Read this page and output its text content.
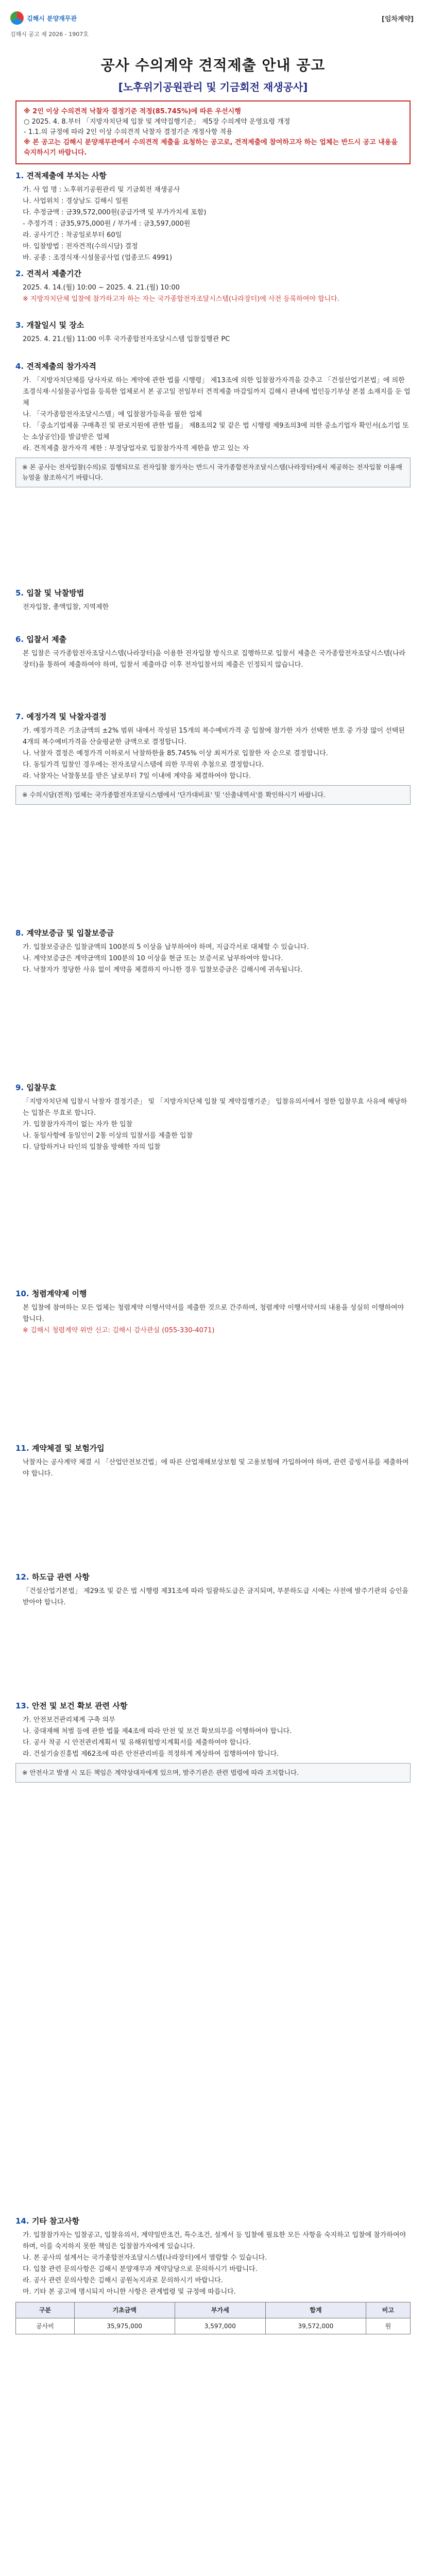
김해시 분양재무관
김해시 공고 제 2026 - 1907호
[임차계약]
공사 수의계약 견적제출 안내 공고
[노후위기공원관리 및 기금회전 재생공사]
※ 2인 이상 수의견적 낙찰자 결정기준 적정(85.745%)에 따른 우선시행
○ 2025. 4. 8.부터 「지방자치단체 입찰 및 계약집행기준」 제5장 수의계약 운영요령 개정
- 1.1.의 규정에 따라 2인 이상 수의견적 낙찰자 결정기준 개정사항 적용
※ 본 공고는 김해시 분양재무관에서 수의견적 제출을 요청하는 공고로, 견적제출에 참여하고자 하는 업체는 반드시 공고 내용을 숙지하시기 바랍니다.
1. 견적제출에 부치는 사항
가. 사 업 명 : 노후위기공원관리 및 기금회전 재생공사
나. 사업위치 : 경상남도 김해시 일원
다. 추정금액 : 금39,572,000원(공급가액 및 부가가치세 포함)
- 추정가격 : 금35,975,000원 / 부가세 : 금3,597,000원
라. 공사기간 : 착공일로부터 60일
마. 입찰방법 : 전자견적(수의시담) 결정
바. 공종 : 조경식재·시설물공사업 (업종코드 4991)
2. 견적서 제출기간
2025. 4. 14.(월) 10:00 ~ 2025. 4. 21.(월) 10:00
※ 지방자치단체 입찰에 참가하고자 하는 자는 국가종합전자조달시스템(나라장터)에 사전 등록하여야 합니다.
3. 개찰일시 및 장소
2025. 4. 21.(월) 11:00 이후 국가종합전자조달시스템 입찰집행관 PC
4. 견적제출의 참가자격
가. 「지방자치단체를 당사자로 하는 계약에 관한 법률 시행령」 제13조에 의한 입찰참가자격을 갖추고 「건설산업기본법」에 의한 조경식재·시설물공사업을 등록한 업체로서 본 공고일 전일부터 견적제출 마감일까지 김해시 관내에 법인등기부상 본점 소재지를 둔 업체
나. 「국가종합전자조달시스템」에 입찰참가등록을 필한 업체
다. 「중소기업제품 구매촉진 및 판로지원에 관한 법률」 제8조의2 및 같은 법 시행령 제9조의3에 의한 중소기업자 확인서(소기업 또는 소상공인)를 발급받은 업체
라. 견적제출 참가자격 제한 : 부정당업자로 입찰참가자격 제한을 받고 있는 자
※ 본 공사는 전자입찰(수의)로 집행되므로 전자입찰 참가자는 반드시 국가종합전자조달시스템(나라장터)에서 제공하는 전자입찰 이용매뉴얼을 참조하시기 바랍니다.
5. 입찰 및 낙찰방법
전자입찰, 총액입찰, 지역제한
6. 입찰서 제출
본 입찰은 국가종합전자조달시스템(나라장터)을 이용한 전자입찰 방식으로 집행하므로 입찰서 제출은 국가종합전자조달시스템(나라장터)을 통하여 제출하여야 하며, 입찰서 제출마감 이후 전자입찰서의 제출은 인정되지 않습니다.
7. 예정가격 및 낙찰자결정
가. 예정가격은 기초금액의 ±2% 범위 내에서 작성된 15개의 복수예비가격 중 입찰에 참가한 자가 선택한 번호 중 가장 많이 선택된 4개의 복수예비가격을 산술평균한 금액으로 결정합니다.
나. 낙찰자 결정은 예정가격 이하로서 낙찰하한율 85.745% 이상 최저가로 입찰한 자 순으로 결정합니다.
다. 동일가격 입찰인 경우에는 전자조달시스템에 의한 무작위 추첨으로 결정합니다.
라. 낙찰자는 낙찰통보를 받은 날로부터 7일 이내에 계약을 체결하여야 합니다.
※ 수의시담(견적) 업체는 국가종합전자조달시스템에서 '단가대비표' 및 '산출내역서'를 확인하시기 바랍니다.
8. 계약보증금 및 입찰보증금
가. 입찰보증금은 입찰금액의 100분의 5 이상을 납부하여야 하며, 지급각서로 대체할 수 있습니다.
나. 계약보증금은 계약금액의 100분의 10 이상을 현금 또는 보증서로 납부하여야 합니다.
다. 낙찰자가 정당한 사유 없이 계약을 체결하지 아니한 경우 입찰보증금은 김해시에 귀속됩니다.
9. 입찰무효
「지방자치단체 입찰시 낙찰자 결정기준」 및 「지방자치단체 입찰 및 계약집행기준」 입찰유의서에서 정한 입찰무효 사유에 해당하는 입찰은 무효로 합니다.
가. 입찰참가자격이 없는 자가 한 입찰
나. 동일사항에 동일인이 2통 이상의 입찰서를 제출한 입찰
다. 담합하거나 타인의 입찰을 방해한 자의 입찰
10. 청렴계약제 이행
본 입찰에 참여하는 모든 업체는 청렴계약 이행서약서를 제출한 것으로 간주하며, 청렴계약 이행서약서의 내용을 성실히 이행하여야 합니다.
※ 김해시 청렴계약 위반 신고: 김해시 감사관실 (055-330-4071)
11. 계약체결 및 보험가입
낙찰자는 공사계약 체결 시 「산업안전보건법」에 따른 산업재해보상보험 및 고용보험에 가입하여야 하며, 관련 증빙서류를 제출하여야 합니다.
12. 하도급 관련 사항
「건설산업기본법」 제29조 및 같은 법 시행령 제31조에 따라 일괄하도급은 금지되며, 부분하도급 시에는 사전에 발주기관의 승인을 받아야 합니다.
13. 안전 및 보건 확보 관련 사항
가. 안전보건관리체계 구축 의무
나. 중대재해 처벌 등에 관한 법률 제4조에 따라 안전 및 보건 확보의무를 이행하여야 합니다.
다. 공사 착공 시 안전관리계획서 및 유해위험방지계획서를 제출하여야 합니다.
라. 건설기술진흥법 제62조에 따른 안전관리비를 적정하게 계상하여 집행하여야 합니다.
※ 안전사고 발생 시 모든 책임은 계약상대자에게 있으며, 발주기관은 관련 법령에 따라 조치합니다.
14. 기타 참고사항
가. 입찰참가자는 입찰공고, 입찰유의서, 계약일반조건, 특수조건, 설계서 등 입찰에 필요한 모든 사항을 숙지하고 입찰에 참가하여야 하며, 이를 숙지하지 못한 책임은 입찰참가자에게 있습니다.
나. 본 공사의 설계서는 국가종합전자조달시스템(나라장터)에서 열람할 수 있습니다.
다. 입찰 관련 문의사항은 김해시 분양재무과 계약담당으로 문의하시기 바랍니다.
라. 공사 관련 문의사항은 김해시 공원녹지과로 문의하시기 바랍니다.
마. 기타 본 공고에 명시되지 아니한 사항은 관계법령 및 규정에 따릅니다.
구분	기초금액	부가세	합계	비고
공사비	35,975,000	3,597,000	39,572,000	원
